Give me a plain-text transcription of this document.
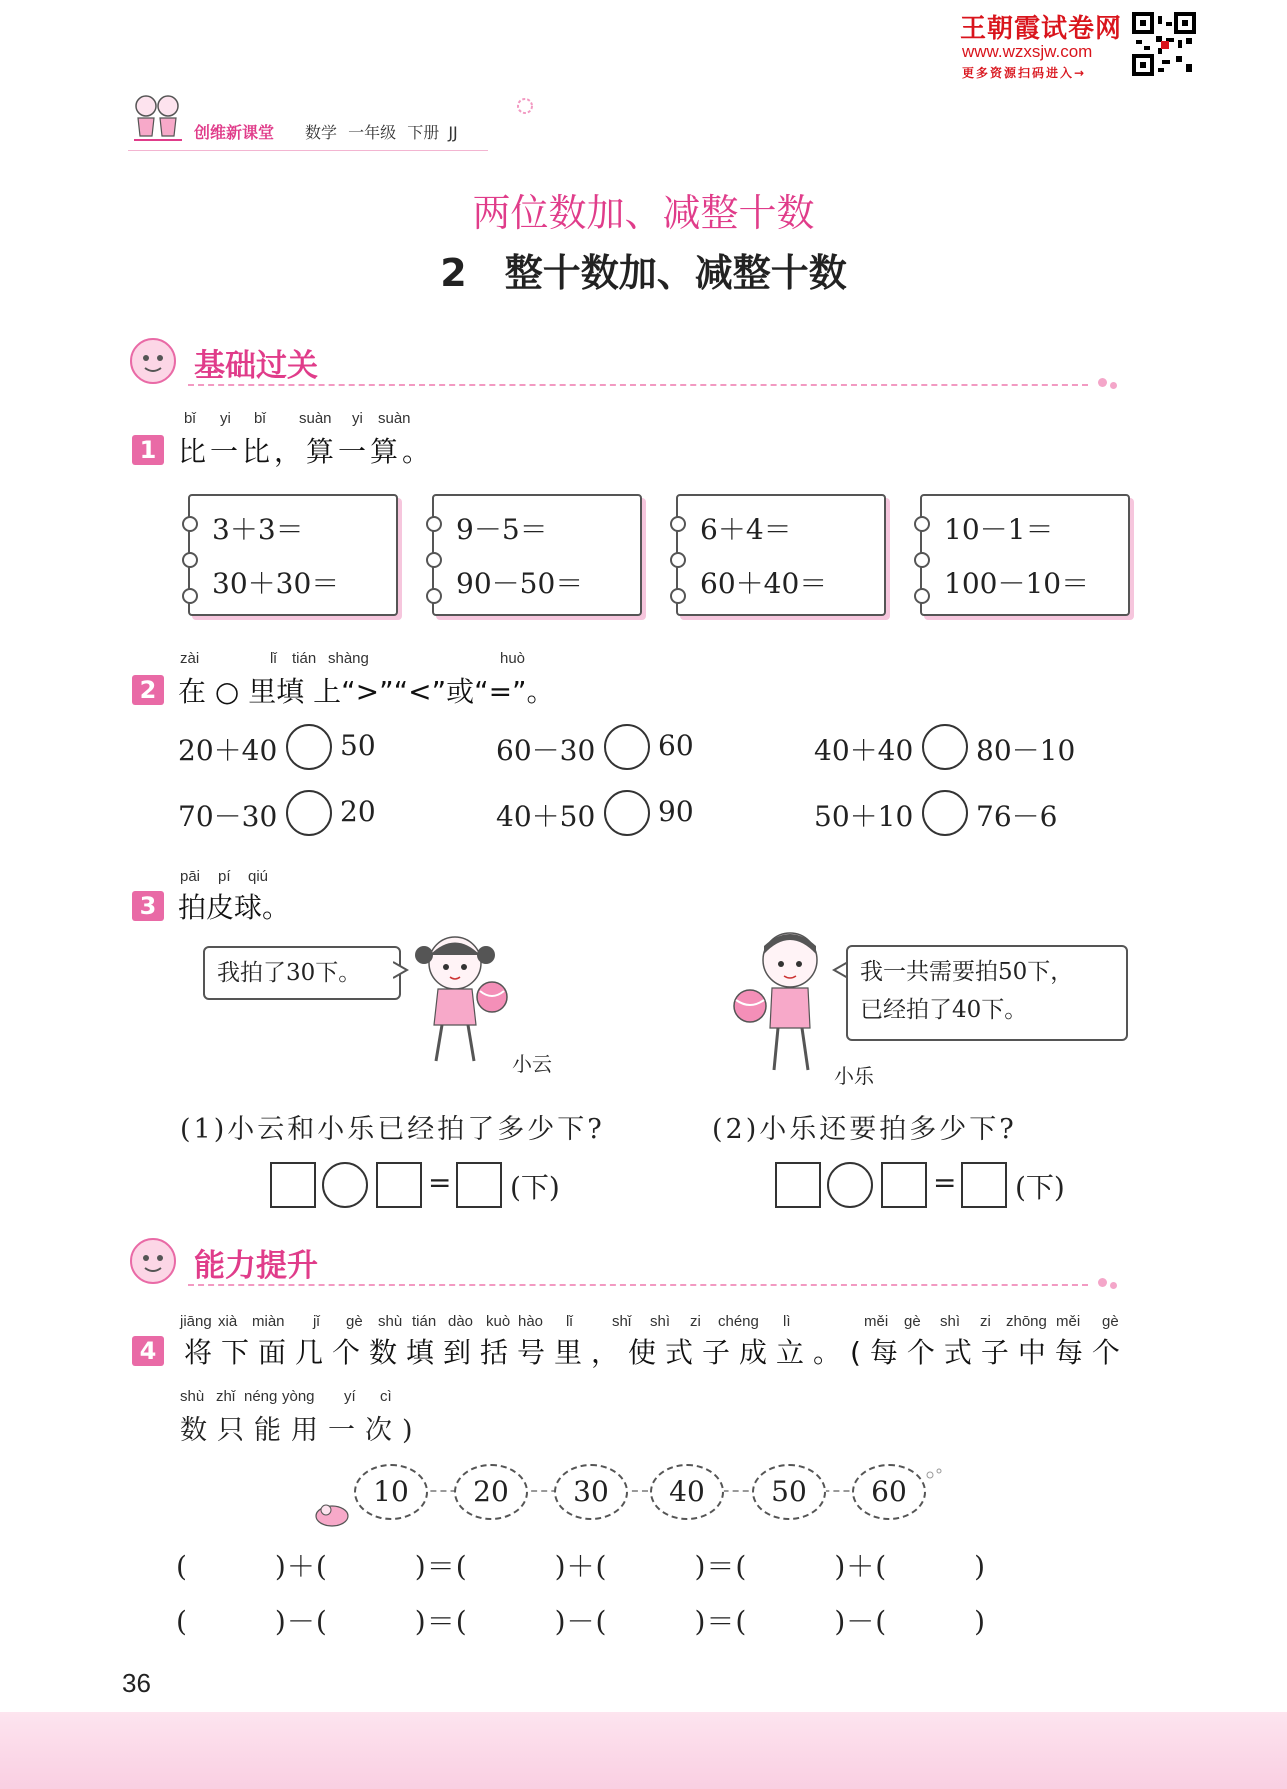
王朝霞试卷网
www.wzxsjw.com
更多资源扫码进入→
创维新课堂 数学 一年级 下册 JJ
两位数加、减整十数
2　整十数加、减整十数
基础过关
bǐ yi bǐ suàn yi suàn
1 比一比，算一算。
3＋3＝
30＋30＝
9－5＝
90－50＝
6＋4＝
60＋40＝
10－1＝
100－10＝
zài	lǐ tián shàng	huò
2 在 ○ 里填 上“>”“<”或“=”。
20＋40 50	60－30 60	40＋40 80－10
70－30 20	40＋50 90	50＋10 76－6
pāi pí qiú
3 拍皮球。
我拍了30下。
小云	小乐
我一共需要拍50下，
已经拍了40下。
(1)小云和小乐已经拍了多少下?	(2)小乐还要拍多少下?
= (下)	= (下)
能力提升
jiāng xià miàn jǐ gè shù tián dào kuò hào lǐ	shǐ shì zi chéng lì	měi gè shì zi zhōng měi gè
4 将下面几个数填到括号里，使式子成立。(每个式子中每个
shù zhǐ néng yòng yí cì
数只能用一次)
10	20	30	40	50	60
(　　　)＋(　　　)＝(　　　)＋(　　　)＝(　　　)＋(　　　)
(　　　)－(　　　)＝(　　　)－(　　　)＝(　　　)－(　　　)
36
